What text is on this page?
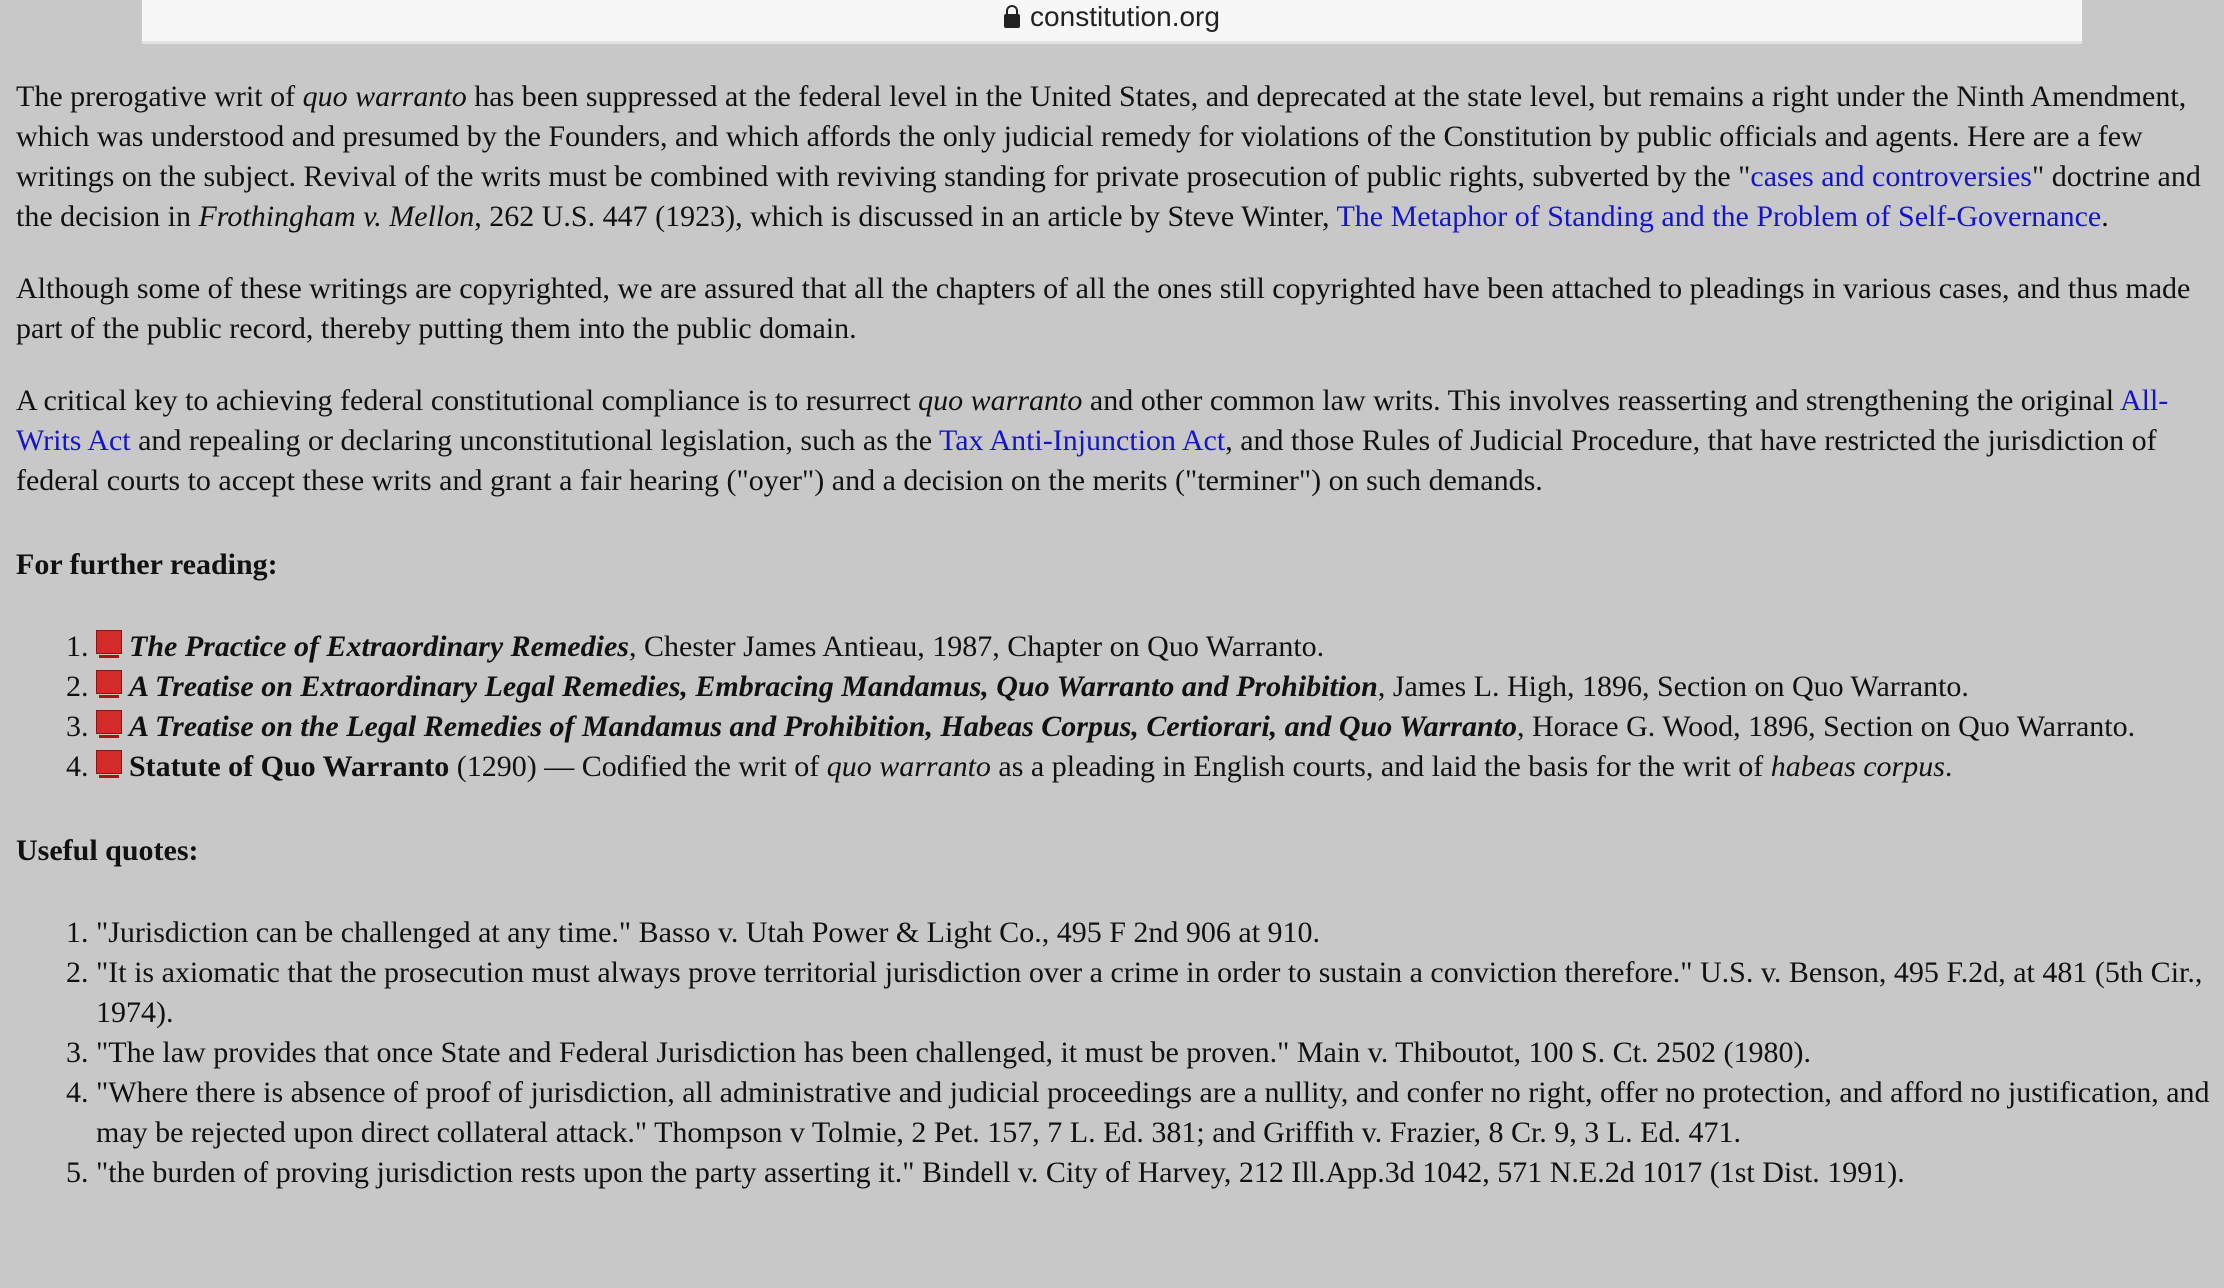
constitution.org

The prerogative writ of quo warranto has been suppressed at the federal level in the United States, and deprecated at the state level, but remains a right under the Ninth Amendment, which was understood and presumed by the Founders, and which affords the only judicial remedy for violations of the Constitution by public officials and agents. Here are a few writings on the subject. Revival of the writs must be combined with reviving standing for private prosecution of public rights, subverted by the "cases and controversies" doctrine and the decision in Frothingham v. Mellon, 262 U.S. 447 (1923), which is discussed in an article by Steve Winter, The Metaphor of Standing and the Problem of Self-Governance.

Although some of these writings are copyrighted, we are assured that all the chapters of all the ones still copyrighted have been attached to pleadings in various cases, and thus made part of the public record, thereby putting them into the public domain.

A critical key to achieving federal constitutional compliance is to resurrect quo warranto and other common law writs. This involves reasserting and strengthening the original All-Writs Act and repealing or declaring unconstitutional legislation, such as the Tax Anti-Injunction Act, and those Rules of Judicial Procedure, that have restricted the jurisdiction of federal courts to accept these writs and grant a fair hearing ("oyer") and a decision on the merits ("terminer") on such demands.

For further reading:
1. The Practice of Extraordinary Remedies, Chester James Antieau, 1987, Chapter on Quo Warranto.
2. A Treatise on Extraordinary Legal Remedies, Embracing Mandamus, Quo Warranto and Prohibition, James L. High, 1896, Section on Quo Warranto.
3. A Treatise on the Legal Remedies of Mandamus and Prohibition, Habeas Corpus, Certiorari, and Quo Warranto, Horace G. Wood, 1896, Section on Quo Warranto.
4. Statute of Quo Warranto (1290) — Codified the writ of quo warranto as a pleading in English courts, and laid the basis for the writ of habeas corpus.
Useful quotes:
1. "Jurisdiction can be challenged at any time." Basso v. Utah Power & Light Co., 495 F 2nd 906 at 910.
2. "It is axiomatic that the prosecution must always prove territorial jurisdiction over a crime in order to sustain a conviction therefore." U.S. v. Benson, 495 F.2d, at 481 (5th Cir., 1974).
3. "The law provides that once State and Federal Jurisdiction has been challenged, it must be proven." Main v. Thiboutot, 100 S. Ct. 2502 (1980).
4. "Where there is absence of proof of jurisdiction, all administrative and judicial proceedings are a nullity, and confer no right, offer no protection, and afford no justification, and may be rejected upon direct collateral attack." Thompson v Tolmie, 2 Pet. 157, 7 L. Ed. 381; and Griffith v. Frazier, 8 Cr. 9, 3 L. Ed. 471.
5. "the burden of proving jurisdiction rests upon the party asserting it." Bindell v. City of Harvey, 212 Ill.App.3d 1042, 571 N.E.2d 1017 (1st Dist. 1991).
